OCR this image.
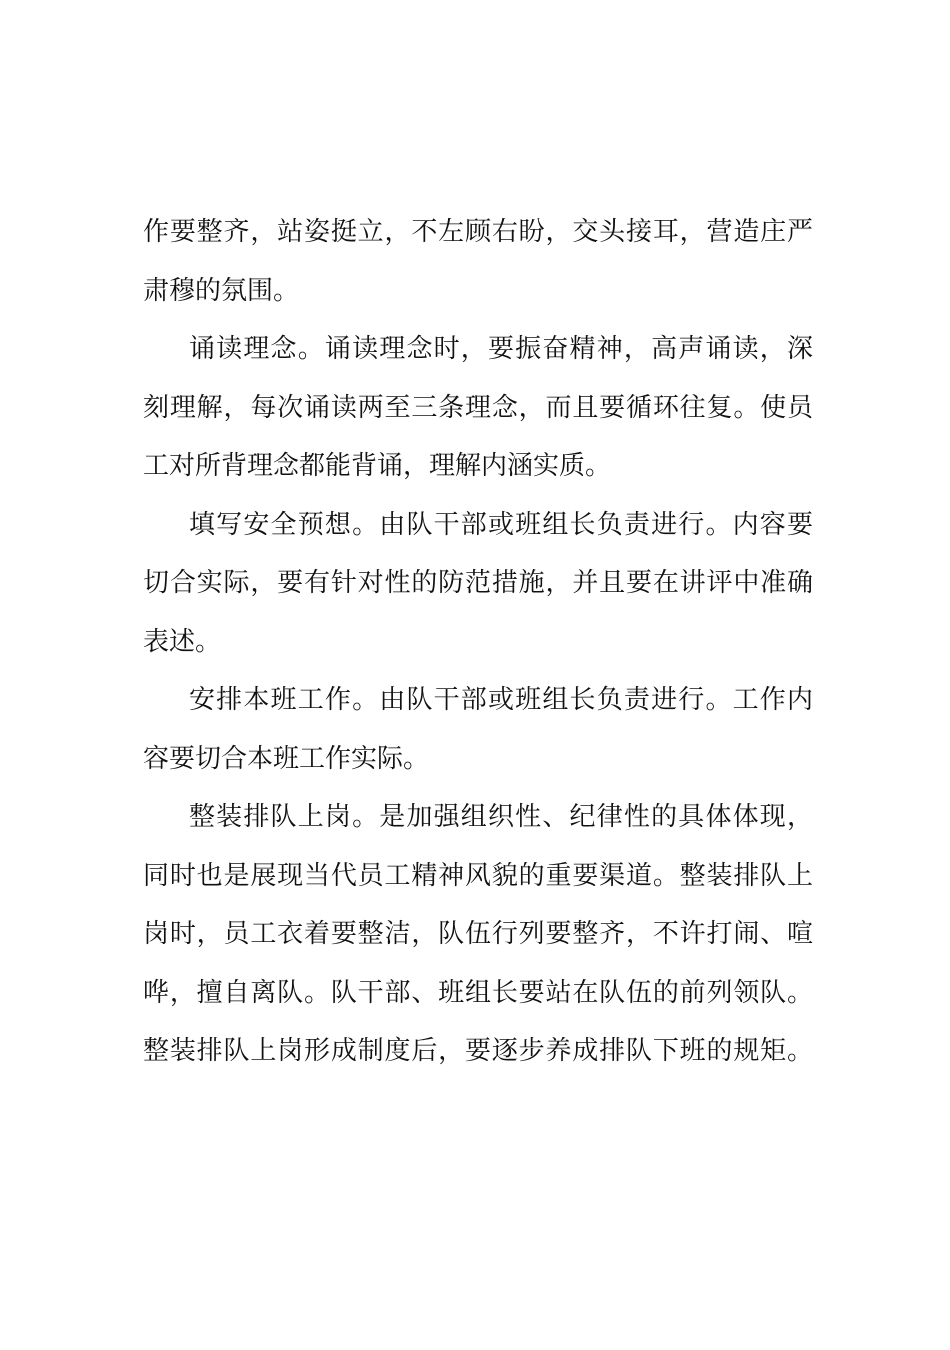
作要整齐，站姿挺立，不左顾右盼，交头接耳，营造庄严
肃穆的氛围。
诵读理念。诵读理念时，要振奋精神，高声诵读，深
刻理解，每次诵读两至三条理念，而且要循环往复。使员
工对所背理念都能背诵，理解内涵实质。
填写安全预想。由队干部或班组长负责进行。内容要
切合实际，要有针对性的防范措施，并且要在讲评中准确
表述。
安排本班工作。由队干部或班组长负责进行。工作内
容要切合本班工作实际。
整装排队上岗。是加强组织性、纪律性的具体体现，
同时也是展现当代员工精神风貌的重要渠道。整装排队上
岗时，员工衣着要整洁，队伍行列要整齐，不许打闹、喧
哗，擅自离队。队干部、班组长要站在队伍的前列领队。
整装排队上岗形成制度后，要逐步养成排队下班的规矩。
